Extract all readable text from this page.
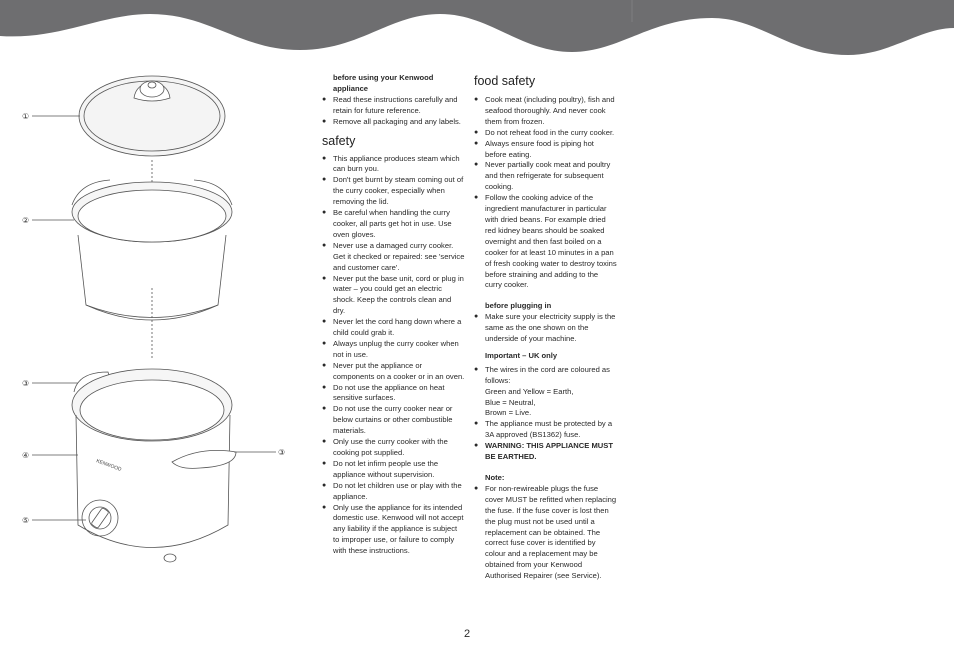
①
②
③
④
⑤
③
KENWOOD

before using your Kenwood appliance

● Read these instructions carefully and retain for future reference.
● Remove all packaging and any labels.
safety
● This appliance produces steam which can burn you.
● Don't get burnt by steam coming out of the curry cooker, especially when removing the lid.
● Be careful when handling the curry cooker, all parts get hot in use. Use oven gloves.
● Never use a damaged curry cooker. Get it checked or repaired: see 'service and customer care'.
● Never put the base unit, cord or plug in water – you could get an electric shock. Keep the controls clean and dry.
● Never let the cord hang down where a child could grab it.
● Always unplug the curry cooker when not in use.
● Never put the appliance or components on a cooker or in an oven.
● Do not use the appliance on heat sensitive surfaces.
● Do not use the curry cooker near or below curtains or other combustible materials.
● Only use the curry cooker with the cooking pot supplied.
● Do not let infirm people use the appliance without supervision.
● Do not let children use or play with the appliance.
● Only use the appliance for its intended domestic use. Kenwood will not accept any liability if the appliance is subject to improper use, or failure to comply with these instructions.
food safety
● Cook meat (including poultry), fish and seafood thoroughly. And never cook them from frozen.
● Do not reheat food in the curry cooker.
● Always ensure food is piping hot before eating.
● Never partially cook meat and poultry and then refrigerate for subsequent cooking.
● Follow the cooking advice of the ingredient manufacturer in particular with dried beans. For example dried red kidney beans should be soaked overnight and then fast boiled on a cooker for at least 10 minutes in a pan of fresh cooking water to destroy toxins before straining and adding to the curry cooker.

before plugging in

● Make sure your electricity supply is the same as the one shown on the underside of your machine.

Important – UK only

● The wires in the cord are coloured as follows:
Green and Yellow = Earth,
Blue = Neutral,
Brown = Live.
● The appliance must be protected by a 3A approved (BS1362) fuse.
● WARNING: THIS APPLIANCE MUST BE EARTHED.

Note:

● For non-rewireable plugs the fuse cover MUST be refitted when replacing the fuse. If the fuse cover is lost then the plug must not be used until a replacement can be obtained. The correct fuse cover is identified by colour and a replacement may be obtained from your Kenwood Authorised Repairer (see Service).
2
